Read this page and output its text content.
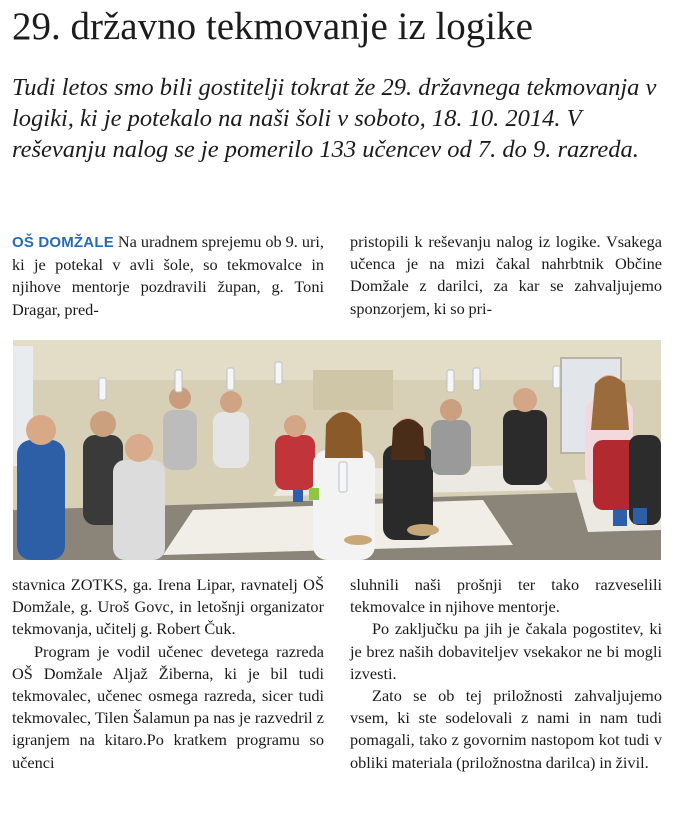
29. državno tekmovanje iz logike

Tudi letos smo bili gostitelji tokrat že 29. državnega tekmovanja v logiki, ki je potekalo na naši šoli v soboto, 18. 10. 2014. V reševanju nalog se je pomerilo 133 učencev od 7. do 9. razreda.

OŠ DOMŽALE Na uradnem sprejemu ob 9. uri, ki je potekal v avli šole, so tekmovalce in njihove mentorje pozdravili župan, g. Toni Dragar, pred-

pristopili k reševanju nalog iz logike. Vsakega učenca je na mizi čakal nahrbtnik Občine Domžale z darilci, za kar se zahvaljujemo sponzorjem, ki so pri-

stavnica ZOTKS, ga. Irena Lipar, ravnatelj OŠ Domžale, g. Uroš Govc, in letošnji organizator tekmovanja, učitelj g. Robert Čuk.

Program je vodil učenec devetega razreda OŠ Domžale Aljaž Žiberna, ki je bil tudi tekmovalec, učenec osmega razreda, sicer tudi tekmovalec, Tilen Šalamun pa nas je razvedril z igranjem na kitaro.Po kratkem programu so učenci

sluhnili naši prošnji ter tako razveselili tekmovalce in njihove mentorje.

Po zaključku pa jih je čakala pogostitev, ki je brez naših dobaviteljev vsekakor ne bi mogli izvesti.

Zato se ob tej priložnosti zahvaljujemo vsem, ki ste sodelovali z nami in nam tudi pomagali, tako z govornim nastopom kot tudi v obliki materiala (priložnostna darilca) in živil.
